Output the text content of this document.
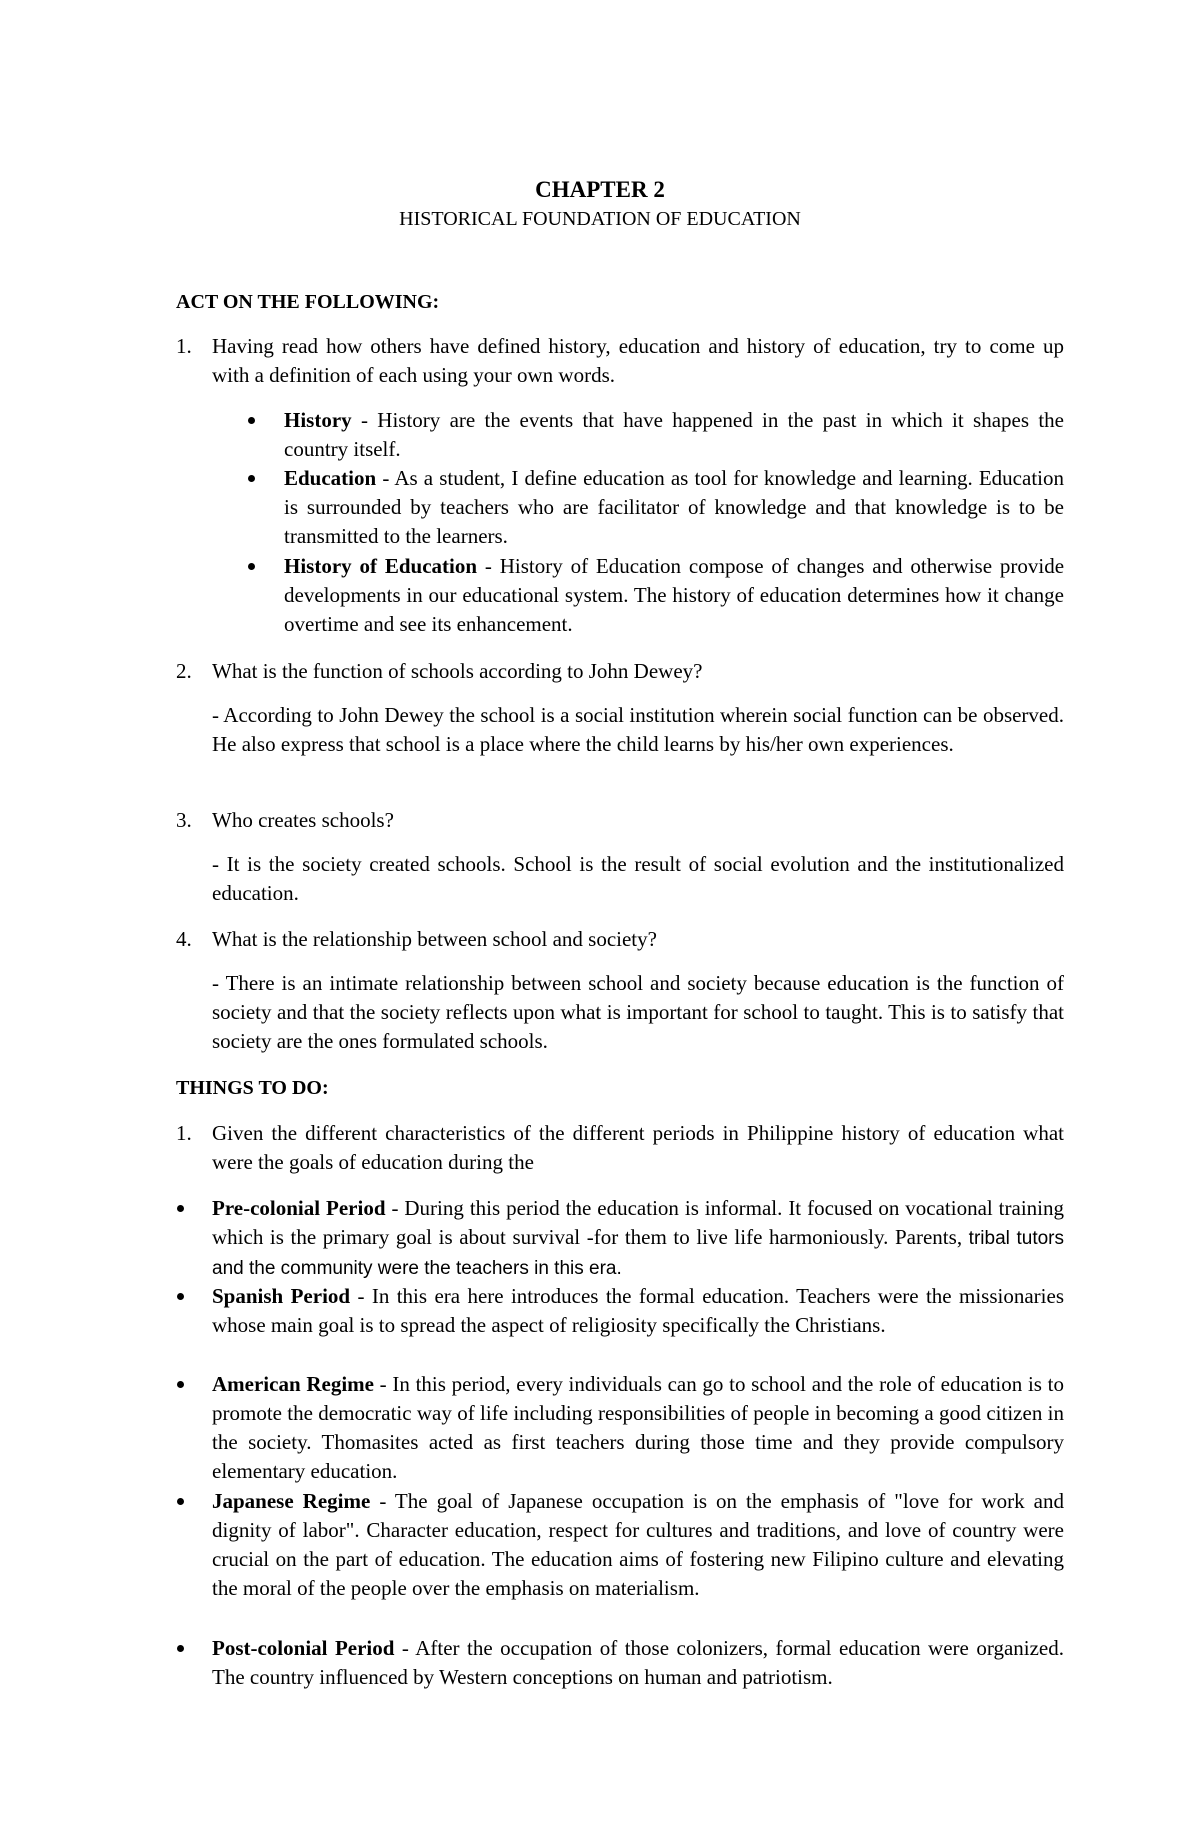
CHAPTER 2

HISTORICAL FOUNDATION OF EDUCATION

ACT ON THE FOLLOWING:

1. Having read how others have defined history, education and history of education, try to come up with a definition of each using your own words.
History - History are the events that have happened in the past in which it shapes the country itself.
Education - As a student, I define education as tool for knowledge and learning. Education is surrounded by teachers who are facilitator of knowledge and that knowledge is to be transmitted to the learners.
History of Education - History of Education compose of changes and otherwise provide developments in our educational system. The history of education determines how it change overtime and see its enhancement.
2. What is the function of schools according to John Dewey?
- According to John Dewey the school is a social institution wherein social function can be observed. He also express that school is a place where the child learns by his/her own experiences.
3. Who creates schools?
- It is the society created schools. School is the result of social evolution and the institutionalized education.
4. What is the relationship between school and society?
- There is an intimate relationship between school and society because education is the function of society and that the society reflects upon what is important for school to taught. This is to satisfy that society are the ones formulated schools.

THINGS TO DO:

1. Given the different characteristics of the different periods in Philippine history of education what were the goals of education during the
Pre-colonial Period - During this period the education is informal. It focused on vocational training which is the primary goal is about survival -for them to live life harmoniously. Parents, tribal tutors and the community were the teachers in this era.
Spanish Period - In this era here introduces the formal education. Teachers were the missionaries whose main goal is to spread the aspect of religiosity specifically the Christians.
American Regime - In this period, every individuals can go to school and the role of education is to promote the democratic way of life including responsibilities of people in becoming a good citizen in the society. Thomasites acted as first teachers during those time and they provide compulsory elementary education.
Japanese Regime - The goal of Japanese occupation is on the emphasis of "love for work and dignity of labor". Character education, respect for cultures and traditions, and love of country were crucial on the part of education. The education aims of fostering new Filipino culture and elevating the moral of the people over the emphasis on materialism.
Post-colonial Period - After the occupation of those colonizers, formal education were organized. The country influenced by Western conceptions on human and patriotism.
